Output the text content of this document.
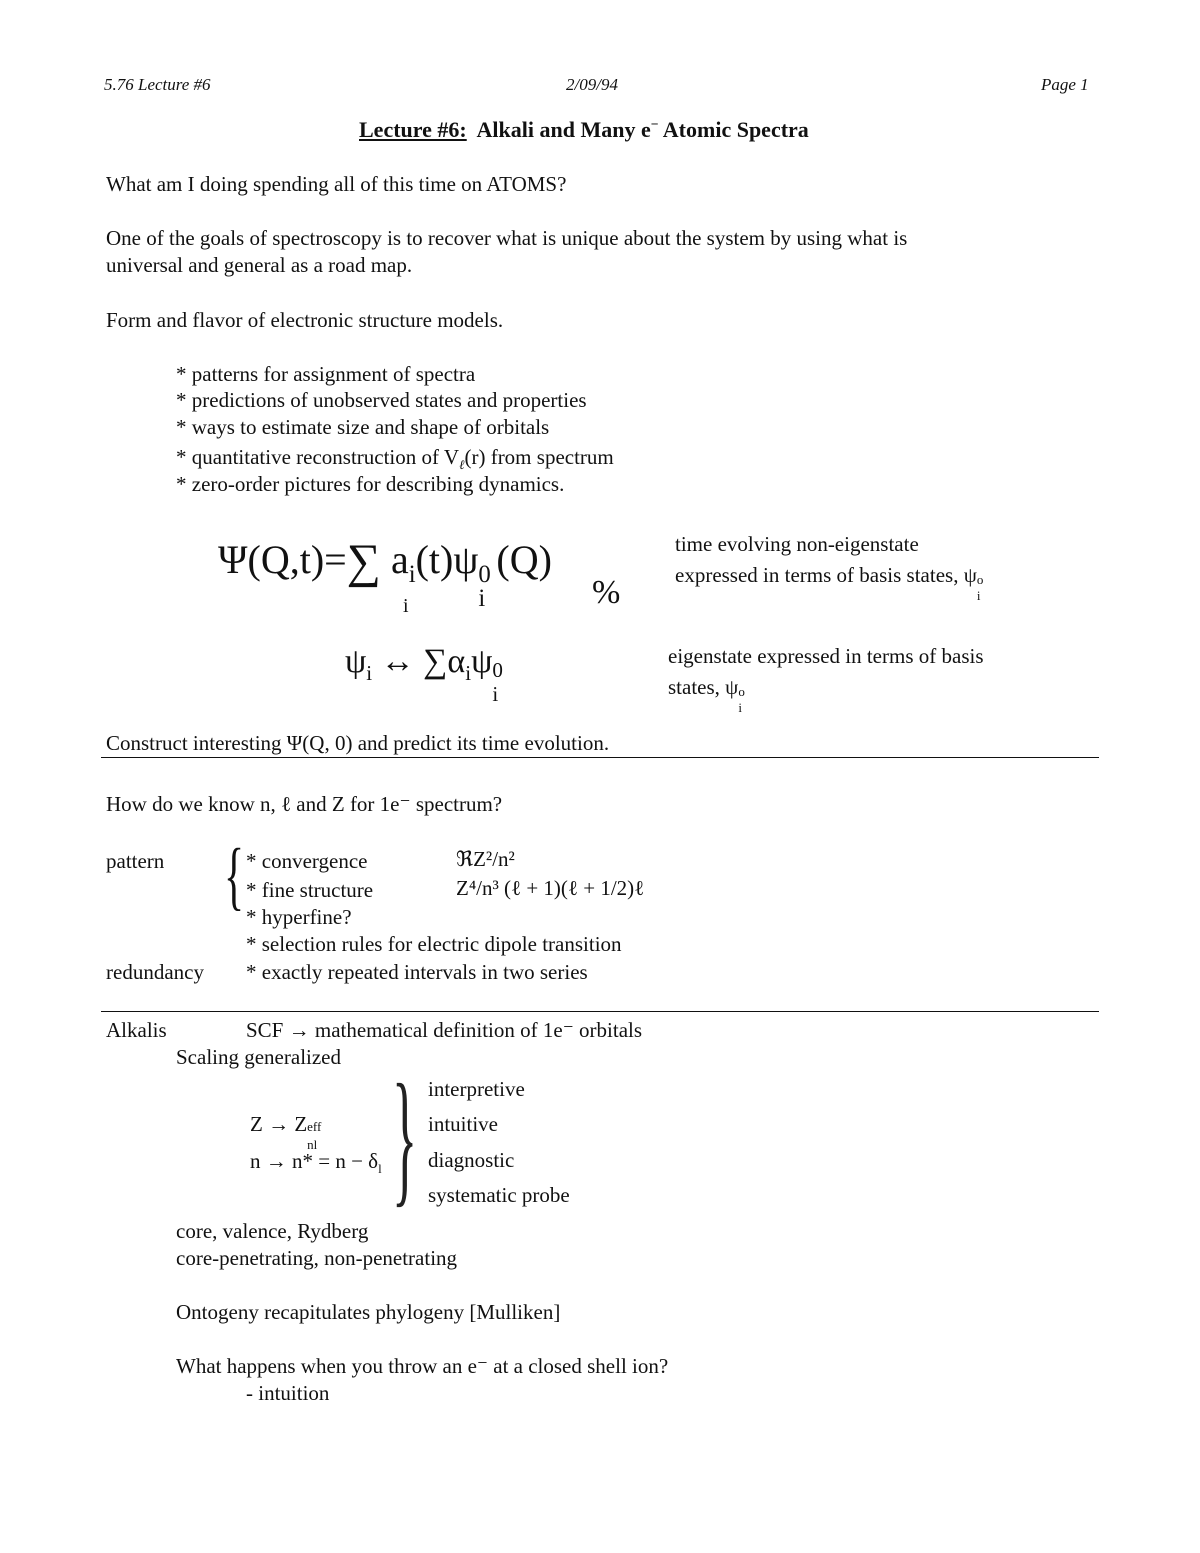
5.76 Lecture #6	2/09/94	Page 1
Lecture #6: Alkali and Many e− Atomic Spectra
What am I doing spending all of this time on ATOMS?
One of the goals of spectroscopy is to recover what is unique about the system by using what is
universal and general as a road map.
Form and flavor of electronic structure models.
* patterns for assignment of spectra
* predictions of unobserved states and properties
* ways to estimate size and shape of orbitals
* quantitative reconstruction of $V_\ell(r)$ from spectrum
* zero-order pictures for describing dynamics.
Ψ(Q,t)=∑ $a_i(t)\psi$ 0
i
(Q)
i	%
time evolving non-eigenstate
expressed in terms of basis states, ψ o
i
$\psi_i$ ↔ $\sum\alpha_i\psi$ 0
i
eigenstate expressed in terms of basis
states, ψ o
i
Construct interesting Ψ(Q, 0) and predict its time evolution.
How do we know n, ℓ and Z for 1e⁻ spectrum?
pattern { * convergence	ℜZ²/n²
* fine structure	Z⁴/n³ (ℓ + 1)(ℓ + 1/2)ℓ
* hyperfine?
* selection rules for electric dipole transition
redundancy * exactly repeated intervals in two series
Alkalis	SCF → mathematical definition of 1e⁻ orbitals
Scaling generalized
Z → Z eff
nl
$n \to n* = n - \delta_l$ } interpretive
intuitive
diagnostic
systematic probe
core, valence, Rydberg
core-penetrating, non-penetrating
Ontogeny recapitulates phylogeny [Mulliken]
What happens when you throw an e⁻ at a closed shell ion?
- intuition
